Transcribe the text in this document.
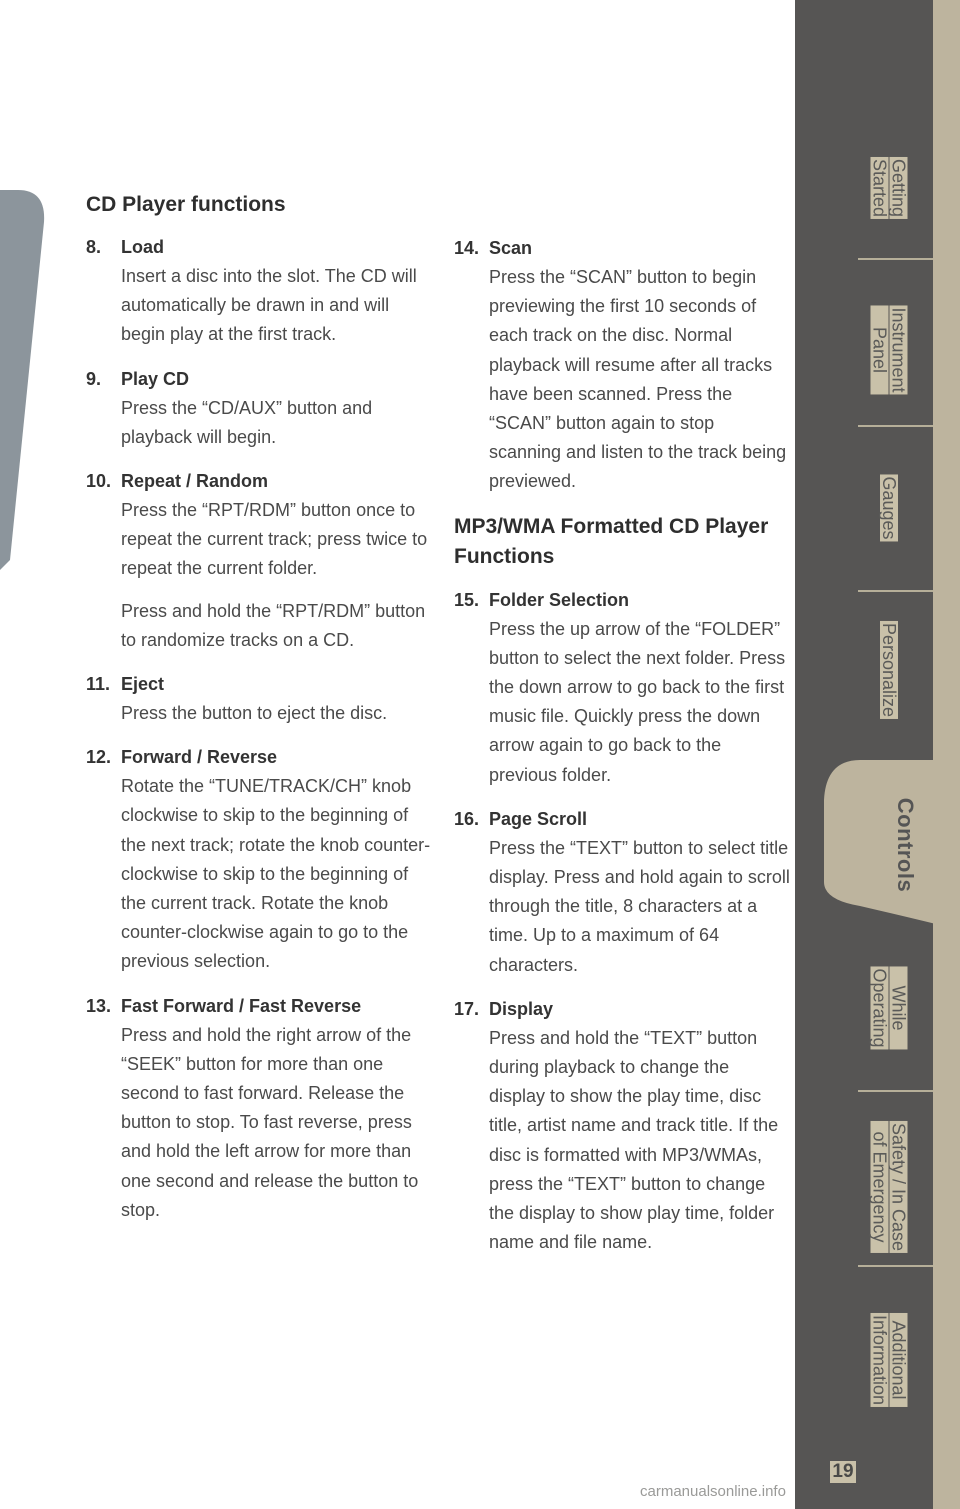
Getting
Started
Instrument
Panel
Gauges
Personalize
While
Operating
Safety / In Case
of Emergency
Additional
Information
Controls
19
carmanualsonline.info
CD Player functions
8.	Load

Insert a disc into the slot. The CD will automatically be drawn in and will begin play at the first track.

9.	Play CD

Press the “CD/AUX” button and playback will begin.

10. Repeat / Random

Press the “RPT/RDM” button once to repeat the current track; press twice to repeat the current folder.

Press and hold the “RPT/RDM” button to randomize tracks on a CD.

11. Eject

Press the button to eject the disc.

12. Forward / Reverse

Rotate the “TUNE/TRACK/CH” knob clockwise to skip to the beginning of the next track; rotate the knob counter-clockwise to skip to the beginning of the current track. Rotate the knob counter-clockwise again to go to the previous selection.

13. Fast Forward / Fast Reverse

Press and hold the right arrow of the “SEEK” button for more than one second to fast forward. Release the button to stop. To fast reverse, press and hold the left arrow for more than one second and release the button to stop.

14. Scan

Press the “SCAN” button to begin previewing the first 10 seconds of each track on the disc. Normal playback will resume after all tracks have been scanned. Press the “SCAN” button again to stop scanning and listen to the track being previewed.

MP3/WMA Formatted CD Player Functions
15. Folder Selection

Press the up arrow of the “FOLDER” button to select the next folder. Press the down arrow to go back to the first music file. Quickly press the down arrow again to go back to the previous folder.

16. Page Scroll

Press the “TEXT” button to select title display. Press and hold again to scroll through the title, 8 characters at a time. Up to a maximum of 64 characters.

17. Display

Press and hold the “TEXT” button during playback to change the display to show the play time, disc title, artist name and track title. If the disc is formatted with MP3/WMAs, press the “TEXT” button to change the display to show play time, folder name and file name.
